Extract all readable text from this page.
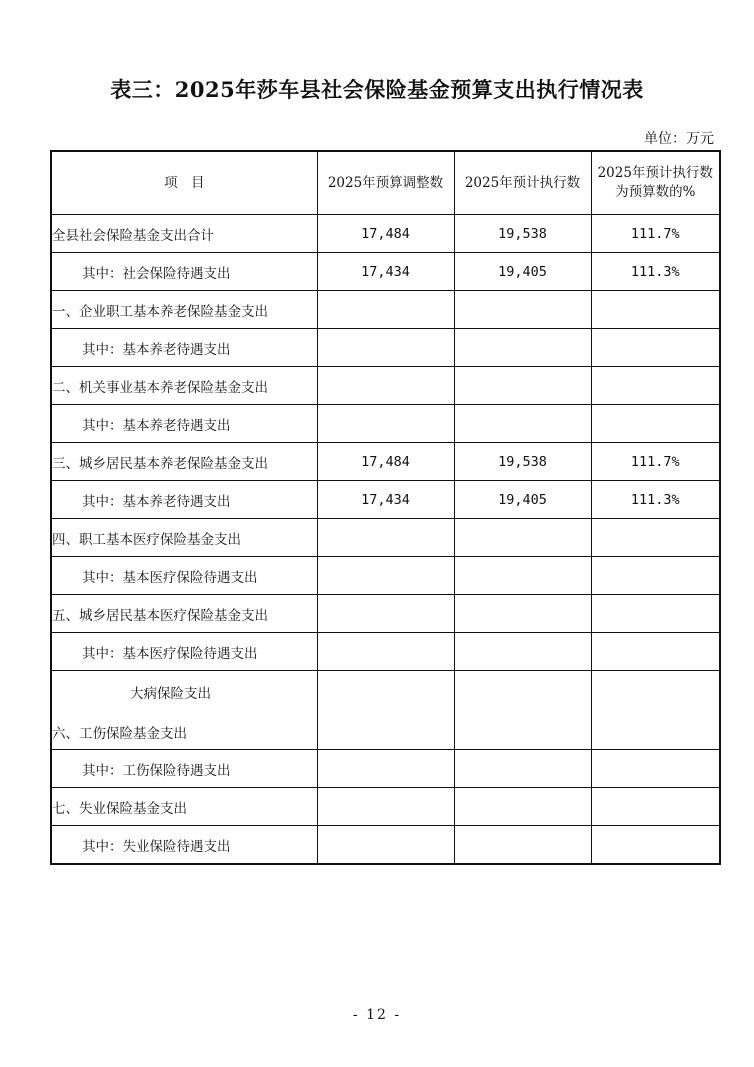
表三：2025年莎车县社会保险基金预算支出执行情况表
单位：万元
项　目	2025年预算调整数	2025年预计执行数	2025年预计执行数为预算数的%
全县社会保险基金支出合计	17,484	19,538	111.7%
其中：社会保险待遇支出	17,434	19,405	111.3%
一、企业职工基本养老保险基金支出			
其中：基本养老待遇支出			
二、机关事业基本养老保险基金支出			
其中：基本养老待遇支出			
三、城乡居民基本养老保险基金支出	17,484	19,538	111.7%
其中：基本养老待遇支出	17,434	19,405	111.3%
四、职工基本医疗保险基金支出			
其中：基本医疗保险待遇支出			
五、城乡居民基本医疗保险基金支出			
其中：基本医疗保险待遇支出			

大病保险支出
六、工伤保险基金支出			

其中：工伤保险待遇支出			
七、失业保险基金支出			
其中：失业保险待遇支出			
- 12 -
